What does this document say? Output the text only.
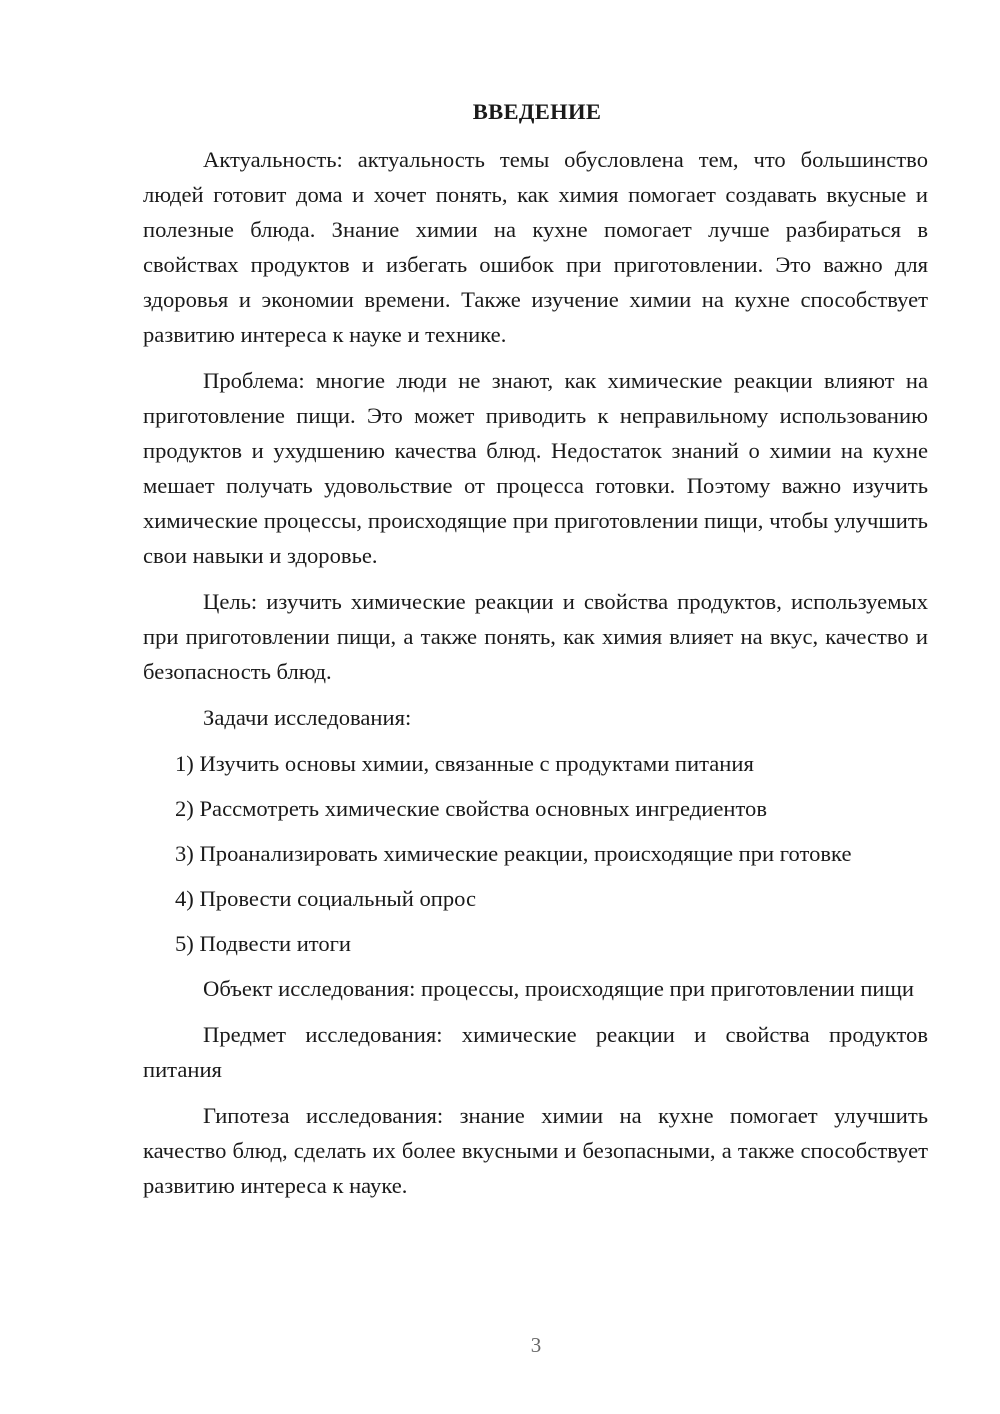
ВВЕДЕНИЕ

Актуальность: актуальность темы обусловлена тем, что большинство людей готовит дома и хочет понять, как химия помогает создавать вкусные и полезные блюда. Знание химии на кухне помогает лучше разбираться в свойствах продуктов и избегать ошибок при приготовлении. Это важно для здоровья и экономии времени. Также изучение химии на кухне способствует развитию интереса к науке и технике.

Проблема: многие люди не знают, как химические реакции влияют на приготовление пищи. Это может приводить к неправильному использованию продуктов и ухудшению качества блюд. Недостаток знаний о химии на кухне мешает получать удовольствие от процесса готовки. Поэтому важно изучить химические процессы, происходящие при приготовлении пищи, чтобы улучшить свои навыки и здоровье.

Цель: изучить химические реакции и свойства продуктов, используемых при приготовлении пищи, а также понять, как химия влияет на вкус, качество и безопасность блюд.

Задачи исследования:

1) Изучить основы химии, связанные с продуктами питания

2) Рассмотреть химические свойства основных ингредиентов

3) Проанализировать химические реакции, происходящие при готовке

4) Провести социальный опрос

5) Подвести итоги

Объект исследования: процессы, происходящие при приготовлении пищи

Предмет исследования: химические реакции и свойства продуктов питания

Гипотеза исследования: знание химии на кухне помогает улучшить качество блюд, сделать их более вкусными и безопасными, а также способствует развитию интереса к науке.

3
